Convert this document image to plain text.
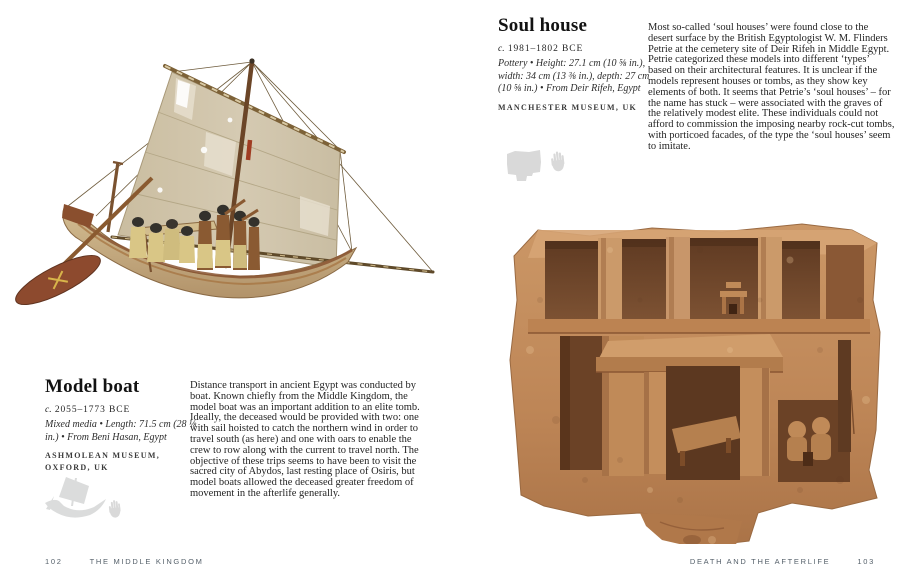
Model boat
c. 2055–1773 BCE
Mixed media • Length: 71.5 cm (28 ⅛ in.) • From Beni Hasan, Egypt
ASHMOLEAN MUSEUM, OXFORD, UK
Distance transport in ancient Egypt was conducted by boat. Known chiefly from the Middle Kingdom, the model boat was an important addition to an elite tomb. Ideally, the deceased would be provided with two: one with sail hoisted to catch the northern wind in order to travel south (as here) and one with oars to enable the crew to row along with the current to travel north. The objective of these trips seems to have been to visit the sacred city of Abydos, last resting place of Osiris, but model boats allowed the deceased greater freedom of movement in the afterlife generally.
102	THE MIDDLE KINGDOM
Soul house
c. 1981–1802 BCE
Pottery • Height: 27.1 cm (10 ⅝ in.), width: 34 cm (13 ⅜ in.), depth: 27 cm (10 ⅝ in.) • From Deir Rifeh, Egypt
MANCHESTER MUSEUM, UK
Most so-called ‘soul houses’ were found close to the desert surface by the British Egyptologist W. M. Flinders Petrie at the cemetery site of Deir Rifeh in Middle Egypt. Petrie categorized these models into different ‘types’ based on their architectural features. It is unclear if the models represent houses or tombs, as they show key elements of both. It seems that Petrie’s ‘soul houses’ – for the name has stuck – were associated with the graves of the relatively modest elite. These individuals could not afford to commission the imposing nearby rock-cut tombs, with porticoed facades, of the type the ‘soul houses’ seem to imitate.
DEATH AND THE AFTERLIFE	103
